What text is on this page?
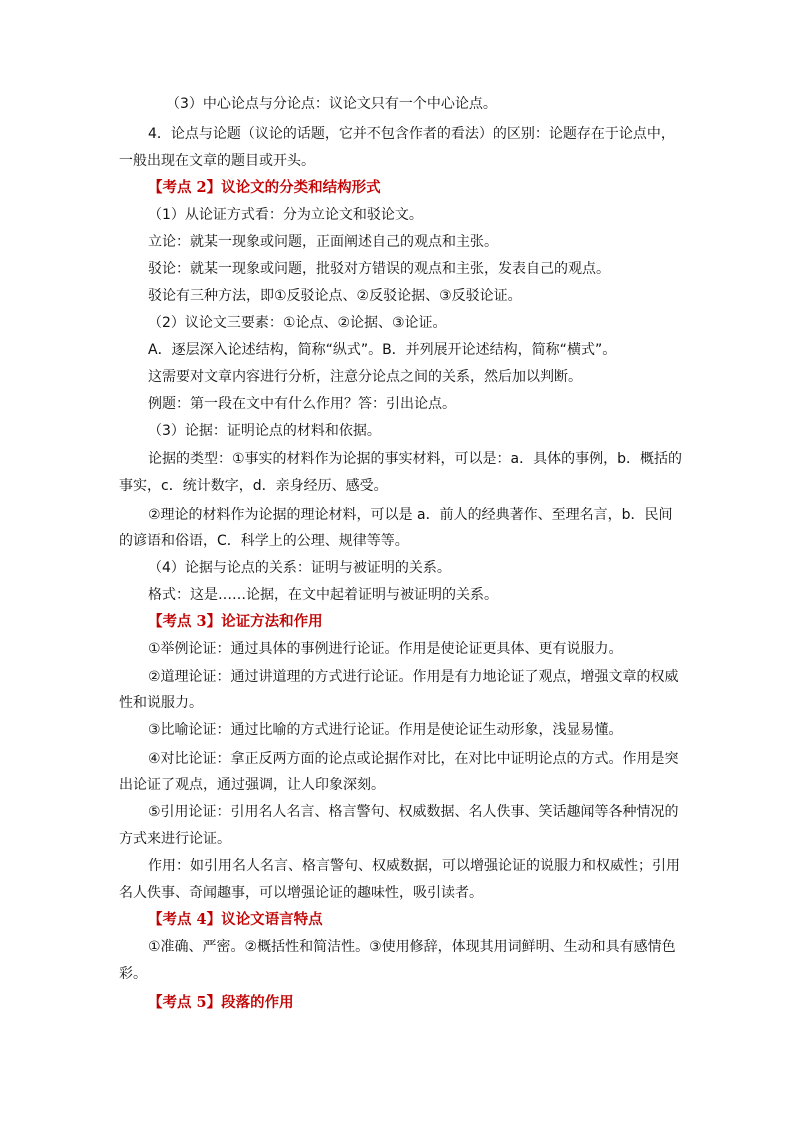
（3）中心论点与分论点：议论文只有一个中心论点。
4．论点与论题（议论的话题，它并不包含作者的看法）的区别：论题存在于论点中，
一般出现在文章的题目或开头。
【考点 2】议论文的分类和结构形式
（1）从论证方式看：分为立论文和驳论文。
立论：就某一现象或问题，正面阐述自己的观点和主张。
驳论：就某一现象或问题，批驳对方错误的观点和主张，发表自己的观点。
驳论有三种方法，即①反驳论点、②反驳论据、③反驳论证。
（2）议论文三要素：①论点、②论据、③论证。
A．逐层深入论述结构，简称“纵式”。B．并列展开论述结构，简称“横式”。
这需要对文章内容进行分析，注意分论点之间的关系，然后加以判断。
例题：第一段在文中有什么作用？答：引出论点。
（3）论据：证明论点的材料和依据。
论据的类型：①事实的材料作为论据的事实材料，可以是：a．具体的事例，b．概括的
事实，c．统计数字，d．亲身经历、感受。
②理论的材料作为论据的理论材料，可以是 a．前人的经典著作、至理名言，b．民间
的谚语和俗语，C．科学上的公理、规律等等。
（4）论据与论点的关系：证明与被证明的关系。
格式：这是……论据，在文中起着证明与被证明的关系。
【考点 3】论证方法和作用
①举例论证：通过具体的事例进行论证。作用是使论证更具体、更有说服力。
②道理论证：通过讲道理的方式进行论证。作用是有力地论证了观点，增强文章的权威
性和说服力。
③比喻论证：通过比喻的方式进行论证。作用是使论证生动形象，浅显易懂。
④对比论证：拿正反两方面的论点或论据作对比，在对比中证明论点的方式。作用是突
出论证了观点，通过强调，让人印象深刻。
⑤引用论证：引用名人名言、格言警句、权威数据、名人佚事、笑话趣闻等各种情况的
方式来进行论证。
作用：如引用名人名言、格言警句、权威数据，可以增强论证的说服力和权威性；引用
名人佚事、奇闻趣事，可以增强论证的趣味性，吸引读者。
【考点 4】议论文语言特点
①准确、严密。②概括性和简洁性。③使用修辞，体现其用词鲜明、生动和具有感情色
彩。
【考点 5】段落的作用
